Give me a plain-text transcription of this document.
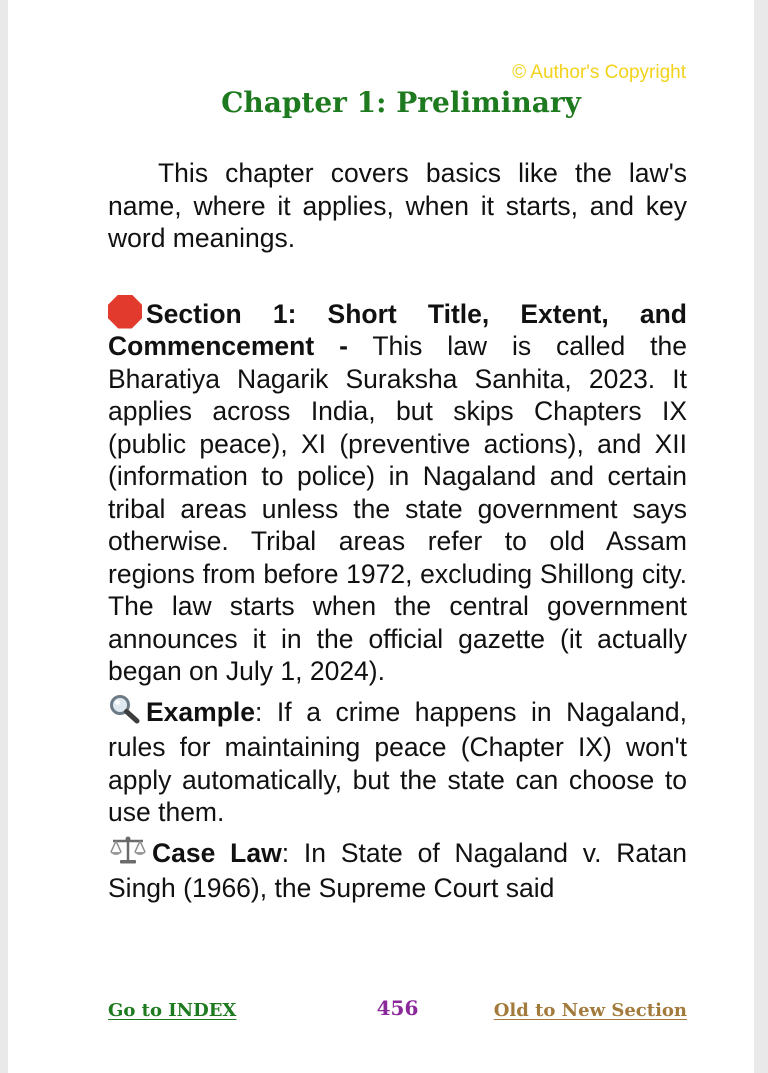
© Author's Copyright
Chapter 1: Preliminary

This chapter covers basics like the law's name, where it applies, when it starts, and key word meanings.

Section 1: Short Title, Extent, and Commencement - This law is called the Bharatiya Nagarik Suraksha Sanhita, 2023. It applies across India, but skips Chapters IX (public peace), XI (preventive actions), and XII (information to police) in Nagaland and certain tribal areas unless the state government says otherwise. Tribal areas refer to old Assam regions from before 1972, excluding Shillong city. The law starts when the central government announces it in the official gazette (it actually began on July 1, 2024).

Example: If a crime happens in Nagaland, rules for maintaining peace (Chapter IX) won't apply automatically, but the state can choose to use them.

Case Law: In State of Nagaland v. Ratan Singh (1966), the Supreme Court said

Go to INDEX	456	Old to New Section
